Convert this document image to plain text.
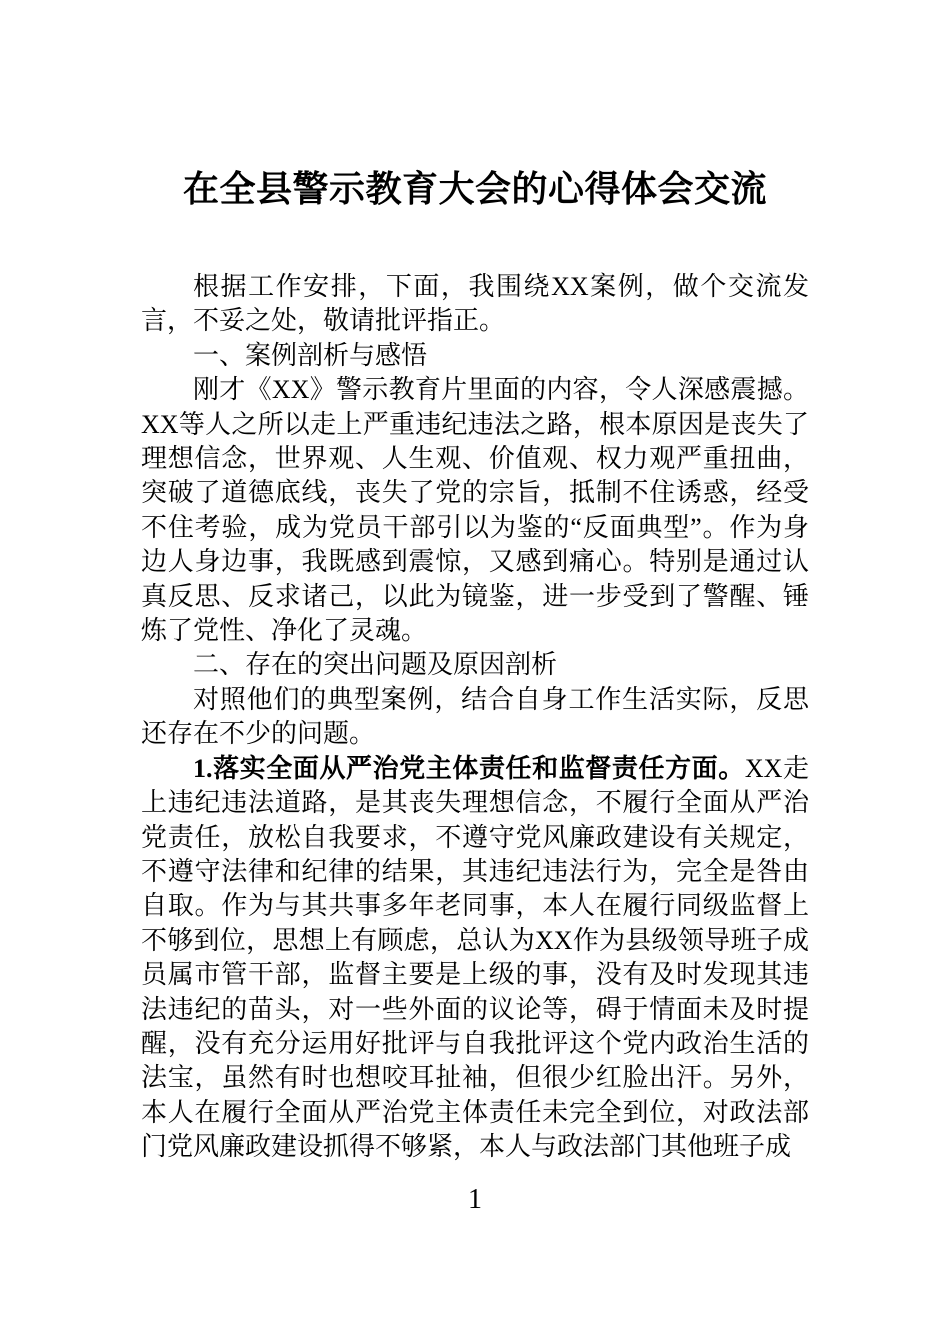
在全县警示教育大会的心得体会交流

根据工作安排，下面，我围绕XX案例，做个交流发言，不妥之处，敬请批评指正。

一、案例剖析与感悟

刚才《XX》警示教育片里面的内容，令人深感震撼。XX等人之所以走上严重违纪违法之路，根本原因是丧失了理想信念，世界观、人生观、价值观、权力观严重扭曲，突破了道德底线，丧失了党的宗旨，抵制不住诱惑，经受不住考验，成为党员干部引以为鉴的“反面典型”。作为身边人身边事，我既感到震惊，又感到痛心。特别是通过认真反思、反求诸己，以此为镜鉴，进一步受到了警醒、锤炼了党性、净化了灵魂。

二、存在的突出问题及原因剖析

对照他们的典型案例，结合自身工作生活实际，反思还存在不少的问题。

1.落实全面从严治党主体责任和监督责任方面。XX走上违纪违法道路，是其丧失理想信念，不履行全面从严治党责任，放松自我要求，不遵守党风廉政建设有关规定，不遵守法律和纪律的结果，其违纪违法行为，完全是咎由自取。作为与其共事多年老同事，本人在履行同级监督上不够到位，思想上有顾虑，总认为XX作为县级领导班子成员属市管干部，监督主要是上级的事，没有及时发现其违法违纪的苗头，对一些外面的议论等，碍于情面未及时提醒，没有充分运用好批评与自我批评这个党内政治生活的法宝，虽然有时也想咬耳扯袖，但很少红脸出汗。另外，本人在履行全面从严治党主体责任未完全到位，对政法部门党风廉政建设抓得不够紧，本人与政法部门其他班子成

1
